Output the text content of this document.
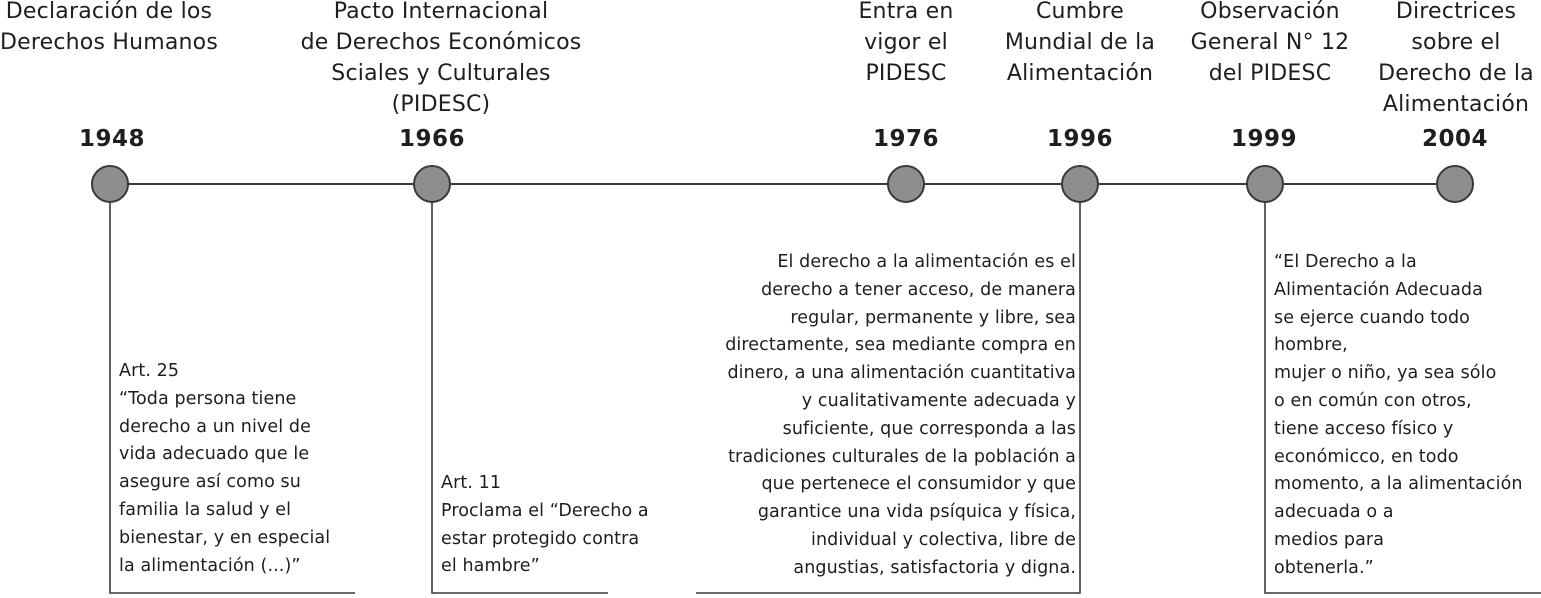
Declaración de los
Derechos Humanos
Pacto Internacional
de Derechos Económicos
Sciales y Culturales
(PIDESC)
Entra en
vigor el
PIDESC
Cumbre
Mundial de la
Alimentación
Observación
General N° 12
del PIDESC
Directrices
sobre el
Derecho de la
Alimentación
1948	1966	1976	1996	1999	2004
Art. 25
“Toda persona tiene
derecho a un nivel de
vida adecuado que le
asegure así como su
familia la salud y el
bienestar, y en especial
la alimentación (...)”
Art. 11
Proclama el “Derecho a
estar protegido contra
el hambre”
El derecho a la alimentación es el
derecho a tener acceso, de manera
regular, permanente y libre, sea
directamente, sea mediante compra en
dinero, a una alimentación cuantitativa
y cualitativamente adecuada y
suficiente, que corresponda a las
tradiciones culturales de la población a
que pertenece el consumidor y que
garantice una vida psíquica y física,
individual y colectiva, libre de
angustias, satisfactoria y digna.
“El Derecho a la
Alimentación Adecuada
se ejerce cuando todo
hombre,
mujer o niño, ya sea sólo
o en común con otros,
tiene acceso físico y
económicco, en todo
momento, a la alimentación
adecuada o a
medios para
obtenerla.”
